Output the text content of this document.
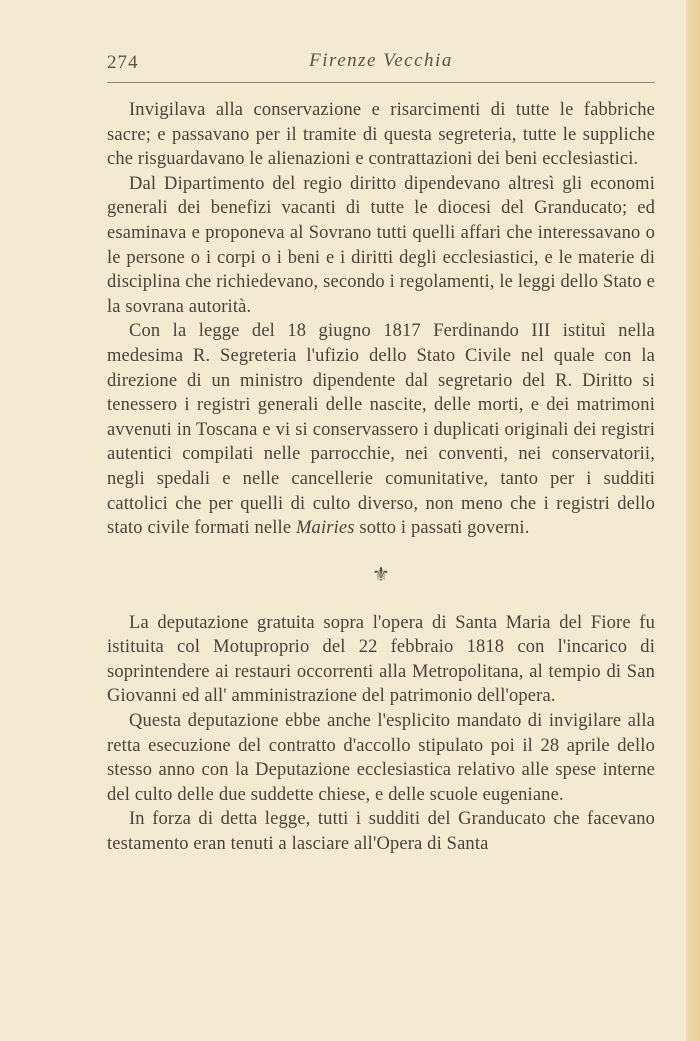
274	Firenze Vecchia

Invigilava alla conservazione e risarcimenti di tutte le fabbriche sacre; e passavano per il tramite di questa segreteria, tutte le suppliche che risguardavano le alienazioni e contrattazioni dei beni ecclesiastici.

Dal Dipartimento del regio diritto dipendevano altresì gli economi generali dei benefizi vacanti di tutte le diocesi del Granducato; ed esaminava e proponeva al Sovrano tutti quelli affari che interessavano o le persone o i corpi o i beni e i diritti degli ecclesiastici, e le materie di disciplina che richiedevano, secondo i regolamenti, le leggi dello Stato e la sovrana autorità.

Con la legge del 18 giugno 1817 Ferdinando III istituì nella medesima R. Segreteria l'ufizio dello Stato Civile nel quale con la direzione di un ministro dipendente dal segretario del R. Diritto si tenessero i registri generali delle nascite, delle morti, e dei matrimoni avvenuti in Toscana e vi si conservassero i duplicati originali dei registri autentici compilati nelle parrocchie, nei conventi, nei conservatorii, negli spedali e nelle cancellerie comunitative, tanto per i sudditi cattolici che per quelli di culto diverso, non meno che i registri dello stato civile formati nelle Mairies sotto i passati governi.

⚜

La deputazione gratuita sopra l'opera di Santa Maria del Fiore fu istituita col Motuproprio del 22 febbraio 1818 con l'incarico di soprintendere ai restauri occorrenti alla Metropolitana, al tempio di San Giovanni ed all' amministrazione del patrimonio dell'opera.

Questa deputazione ebbe anche l'esplicito mandato di invigilare alla retta esecuzione del contratto d'accollo stipulato poi il 28 aprile dello stesso anno con la Deputazione ecclesiastica relativo alle spese interne del culto delle due suddette chiese, e delle scuole eugeniane.

In forza di detta legge, tutti i sudditi del Granducato che facevano testamento eran tenuti a lasciare all'Opera di Santa
